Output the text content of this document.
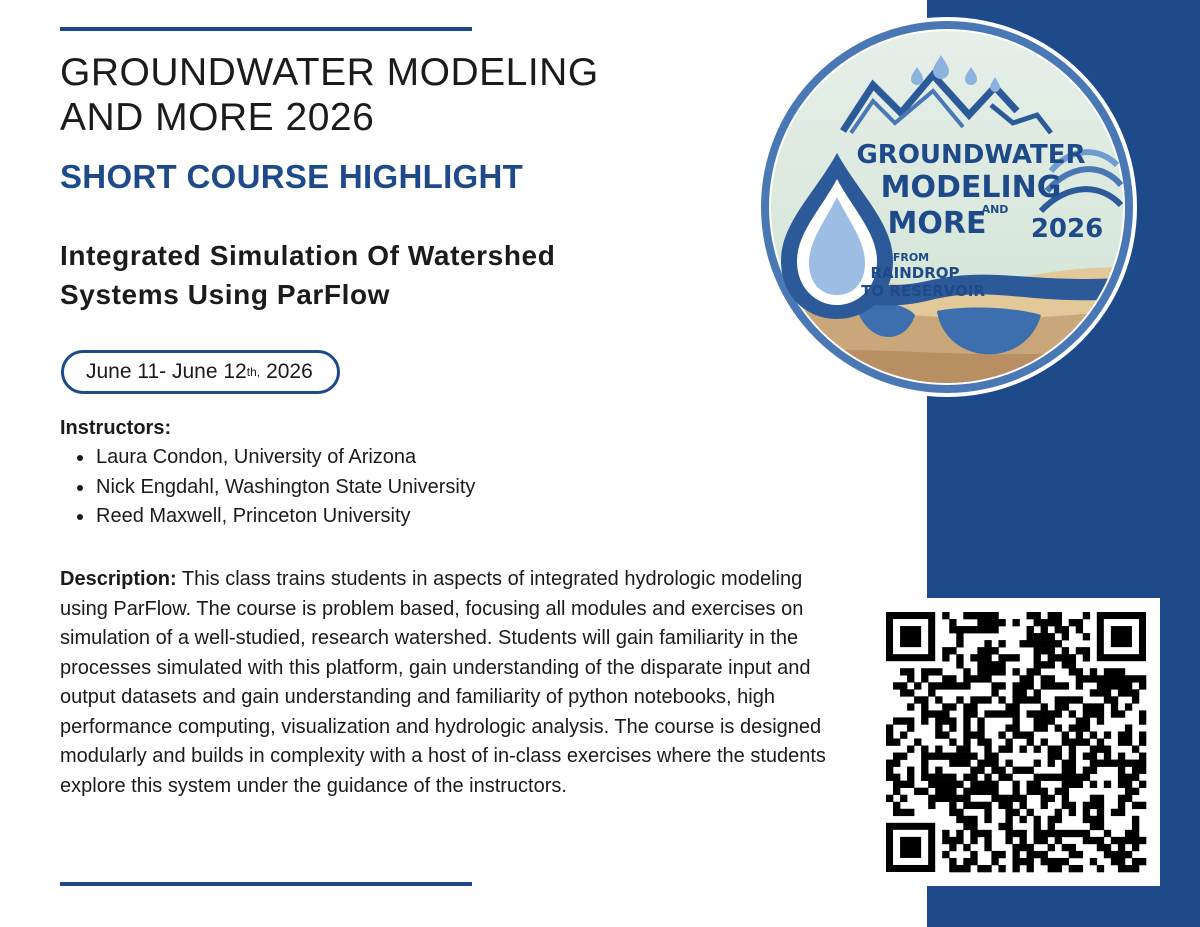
GROUNDWATER MODELING
AND MORE 2026
SHORT COURSE HIGHLIGHT
Integrated Simulation Of Watershed
Systems Using ParFlow
June 11- June 12 th, 2026

Instructors:

Laura Condon, University of Arizona
Nick Engdahl, Washington State University
Reed Maxwell, Princeton University

Description: This class trains students in aspects of integrated hydrologic modeling using ParFlow. The course is problem based, focusing all modules and exercises on simulation of a well-studied, research watershed. Students will gain familiarity in the processes simulated with this platform, gain understanding of the disparate input and output datasets and gain understanding and familiarity of python notebooks, high performance computing, visualization and hydrologic analysis. The course is designed modularly and builds in complexity with a host of in-class exercises where the students explore this system under the guidance of the instructors.

GROUNDWATER
MODELING
AND
MORE 2026
FROM
RAINDROP
TO RESERVOIR
